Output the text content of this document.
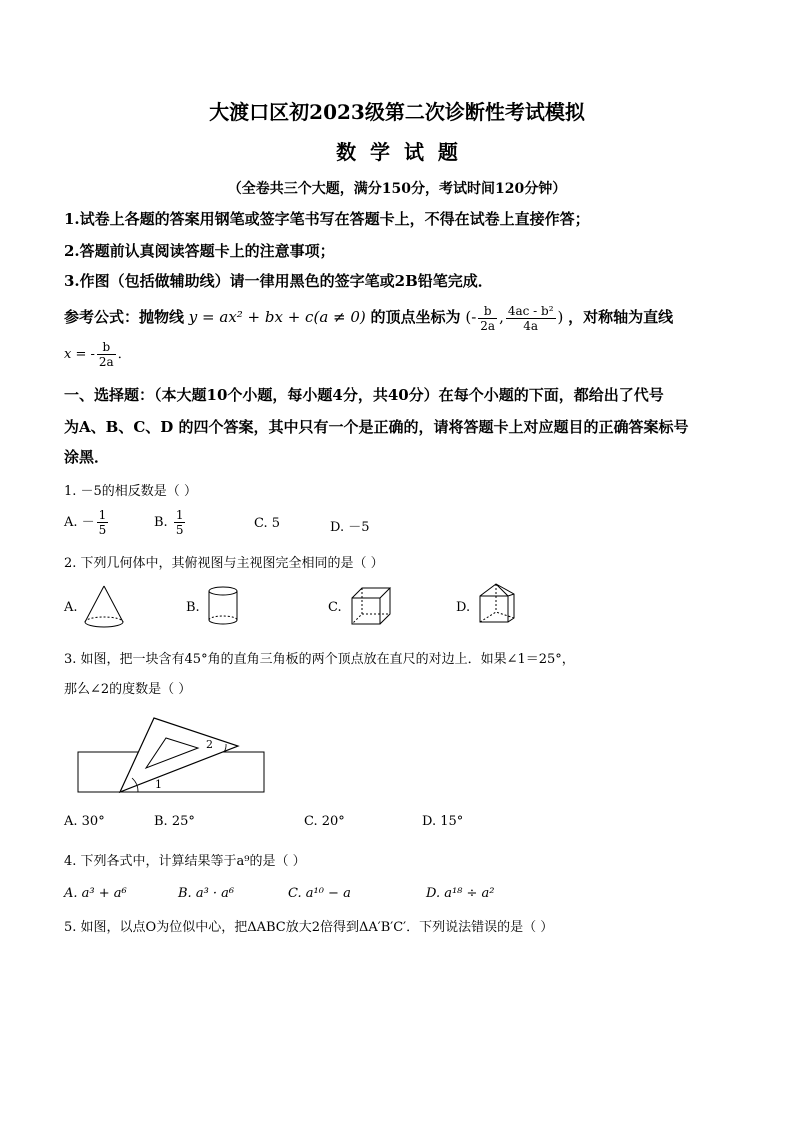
大渡口区初2023级第二次诊断性考试模拟
数  学  试  题
（全卷共三个大题，满分150分，考试时间120分钟）
1.试卷上各题的答案用钢笔或签字笔书写在答题卡上，不得在试卷上直接作答；
2.答题前认真阅读答题卡上的注意事项；
3.作图（包括做辅助线）请一律用黑色的签字笔或2B铅笔完成．
参考公式：抛物线 y = ax² + bx + c(a ≠ 0) 的顶点坐标为 (- $\frac{b}{2a}$ , $\frac{\text{4ac - b²}}{4a}$ ) ，对称轴为直线
x = - $\frac{b}{2a}$ ．
一、选择题：（本大题10个小题，每小题4分，共40分）在每个小题的下面，都给出了代号
为A、B、C、D 的四个答案，其中只有一个是正确的，请将答题卡上对应题目的正确答案标号
涂黑．
1. －5的相反数是（ ）
A. － $\frac{1}{5}$	B. $\frac{1}{5}$	C. 5	D. －5
2. 下列几何体中，其俯视图与主视图完全相同的是（ ）
A.	B.	C.	D.
3. 如图，把一块含有45°角的直角三角板的两个顶点放在直尺的对边上．如果∠1＝25°，
那么∠2的度数是（ ）
1
2
A. 30°	B. 25°	C. 20°	D. 15°
4. 下列各式中，计算结果等于a⁹的是（ ）
A. a³ + a⁶	B. a³ · a⁶	C. a¹⁰ − a	D. a¹⁸ ÷ a²
5. 如图，以点O为位似中心，把ΔABC放大2倍得到ΔA′B′C′．下列说法错误的是（ ）
